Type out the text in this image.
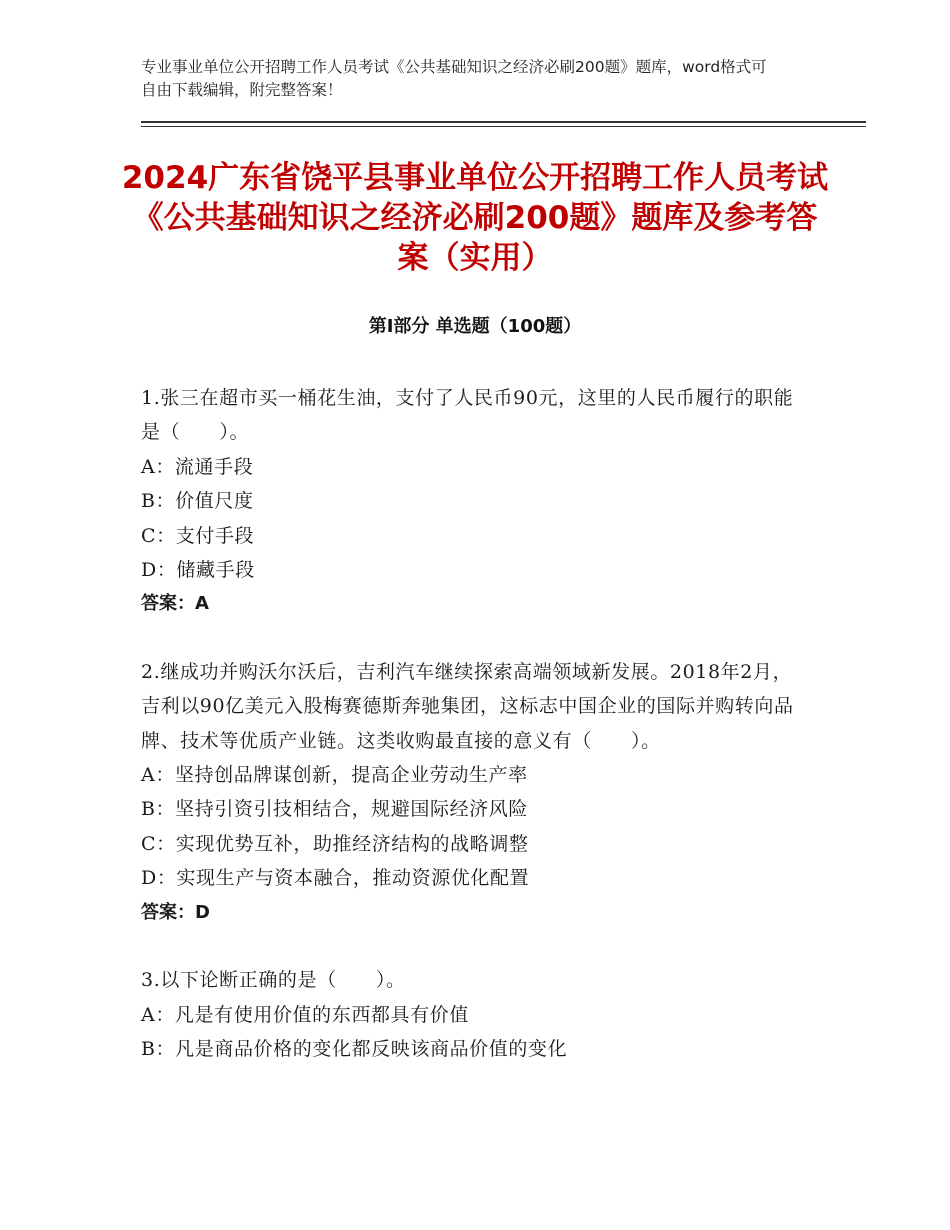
专业事业单位公开招聘工作人员考试《公共基础知识之经济必刷200题》题库，word格式可自由下载编辑，附完整答案！
2024广东省饶平县事业单位公开招聘工作人员考试《公共基础知识之经济必刷200题》题库及参考答案（实用）
第Ⅰ部分 单选题（100题）
1.张三在超市买一桶花生油，支付了人民币90元，这里的人民币履行的职能是（　　）。
A：流通手段
B：价值尺度
C：支付手段
D：储藏手段
答案：A
2.继成功并购沃尔沃后，吉利汽车继续探索高端领域新发展。2018年2月，吉利以90亿美元入股梅赛德斯奔驰集团，这标志中国企业的国际并购转向品牌、技术等优质产业链。这类收购最直接的意义有（　　）。
A：坚持创品牌谋创新，提高企业劳动生产率
B：坚持引资引技相结合，规避国际经济风险
C：实现优势互补，助推经济结构的战略调整
D：实现生产与资本融合，推动资源优化配置
答案：D
3.以下论断正确的是（　　）。
A：凡是有使用价值的东西都具有价值
B：凡是商品价格的变化都反映该商品价值的变化
